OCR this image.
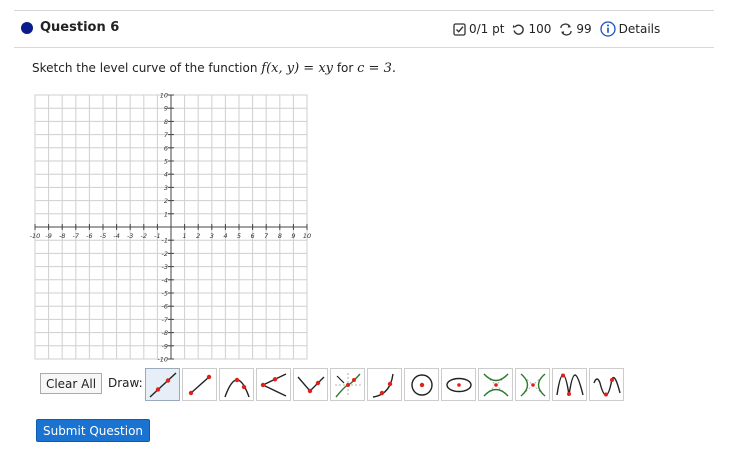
Question 6	0/1 pt 100 99 Details
Sketch the level curve of the function f(x, y) = xy for c = 3.
-10 -9 -8 -7 -6 -5 -4 -3 -2 -1	1 2 3 4 5 6 7 8 9 10
10
9
8
7
6
5
4
3
2
1
-1
-2
-3
-4
-5
-6
-7
-8
-9
-10
Clear All Draw:
Submit Question
